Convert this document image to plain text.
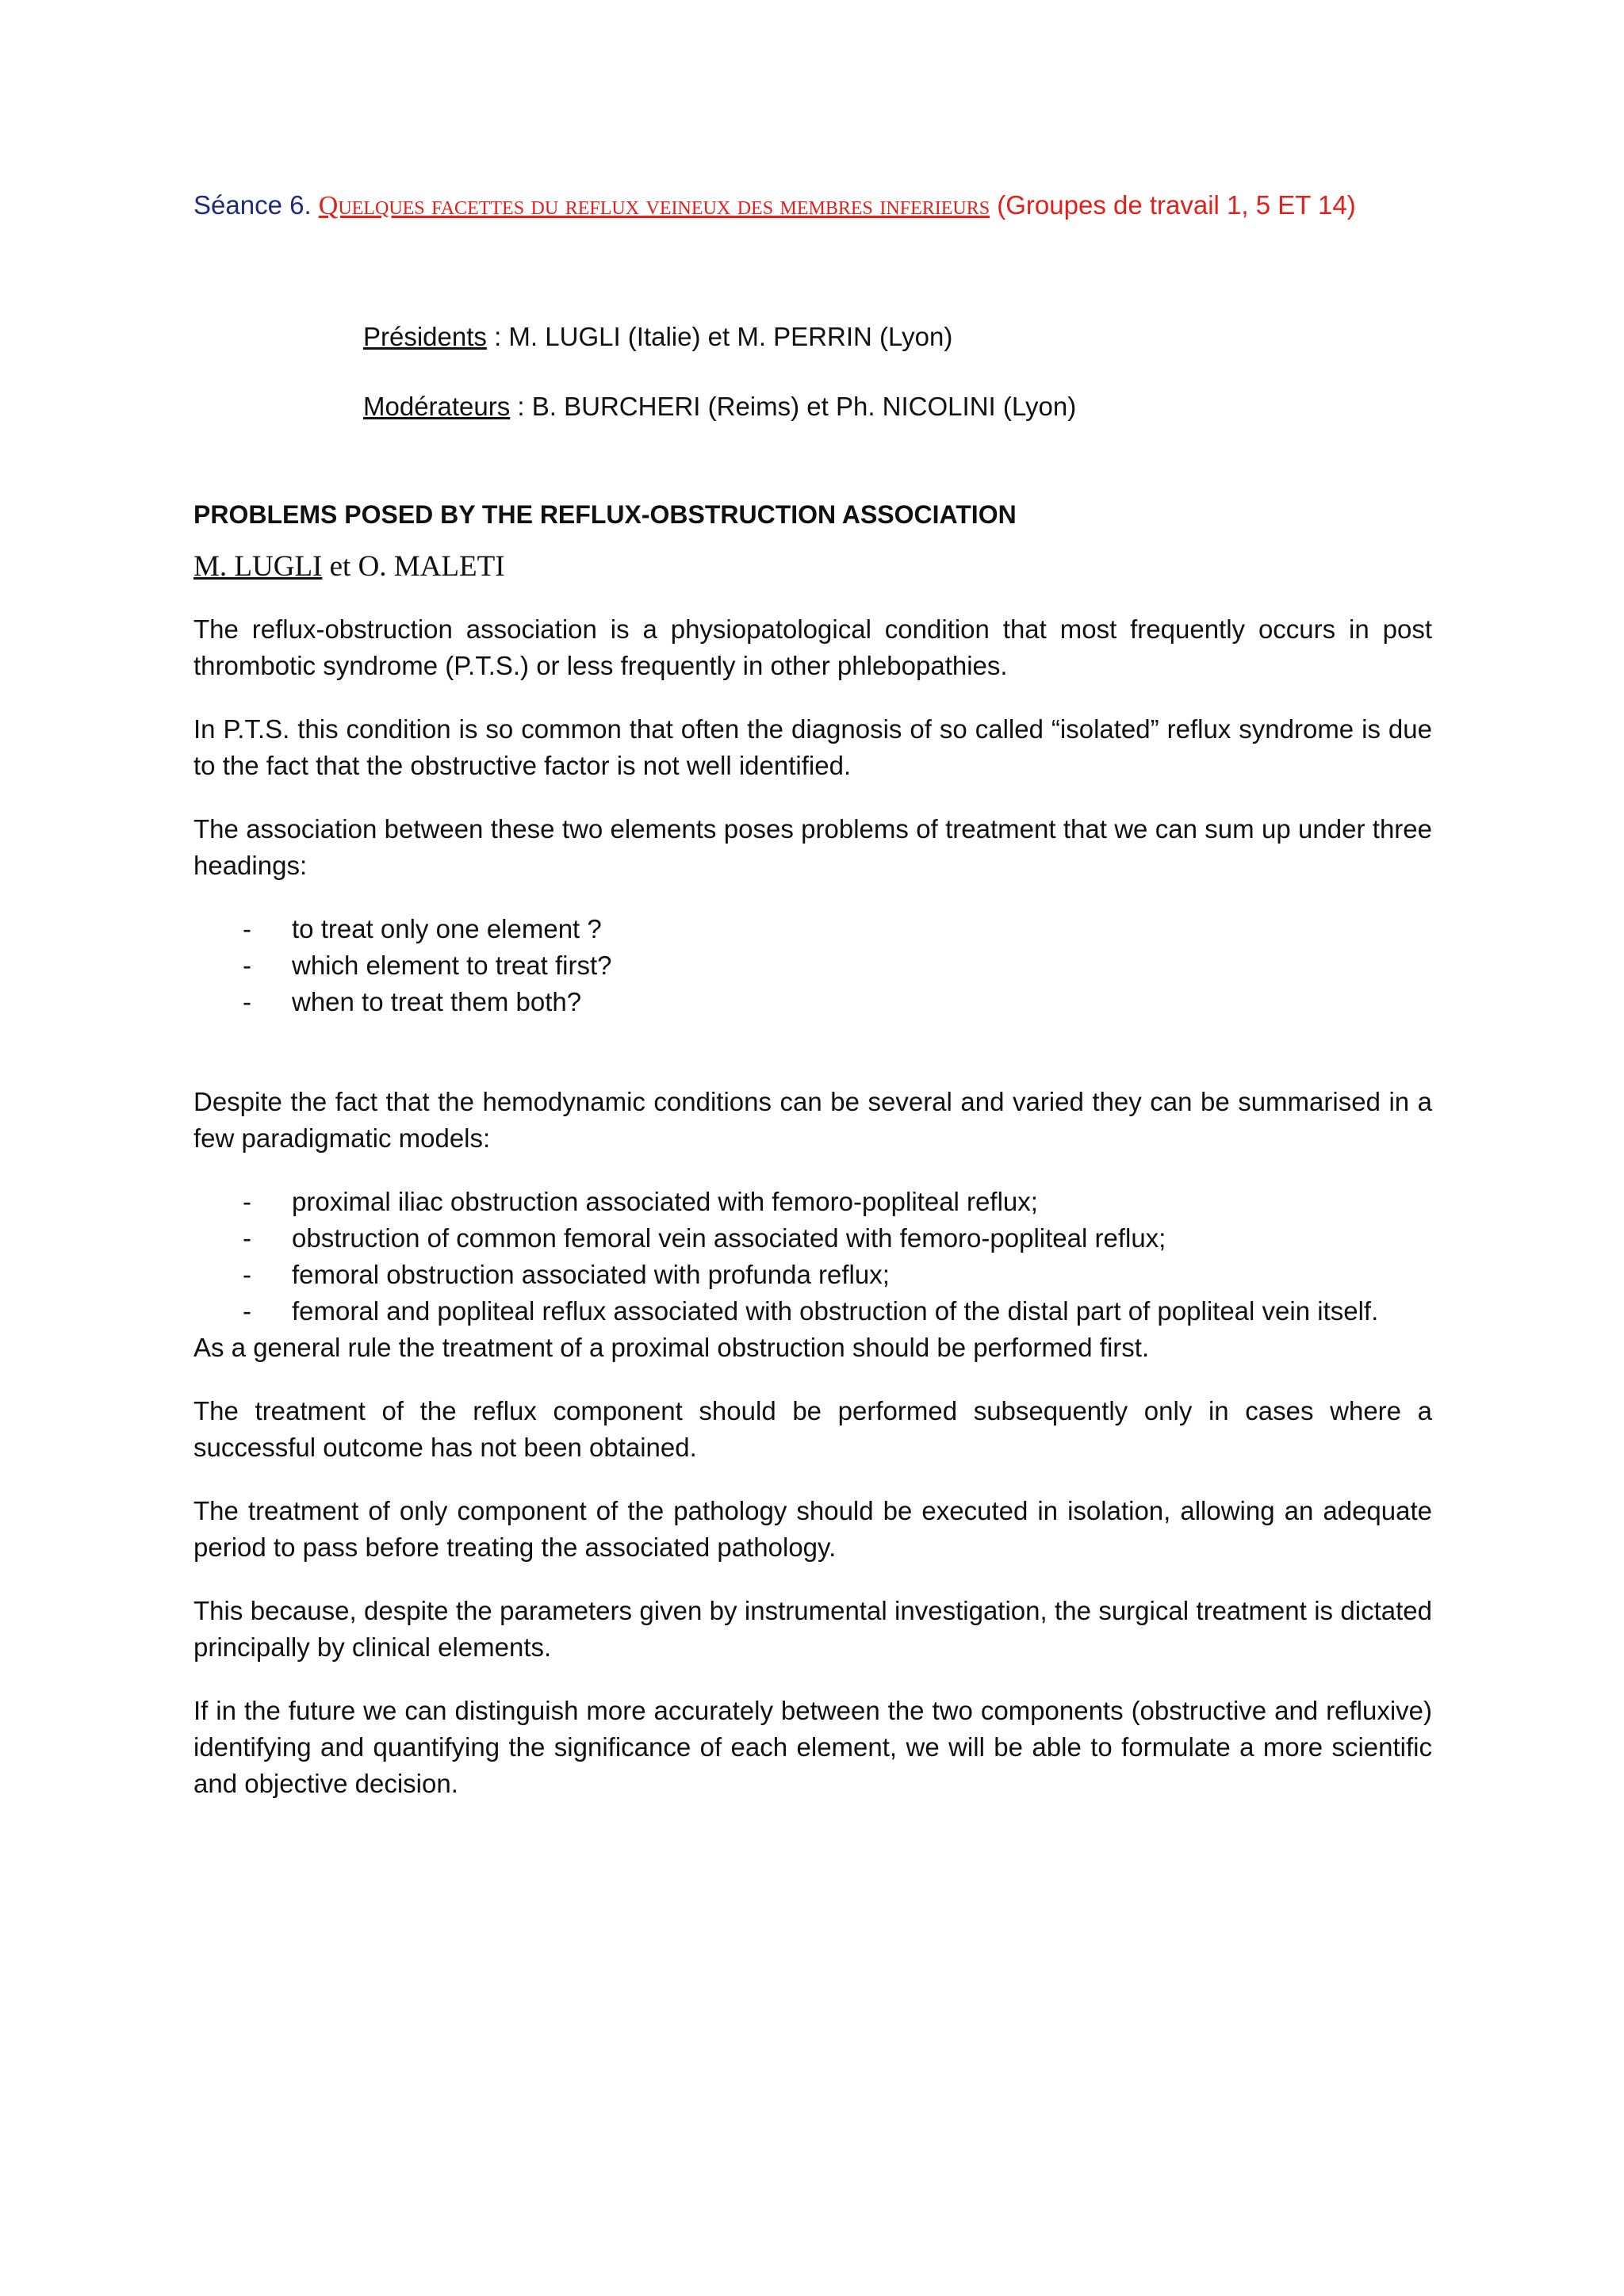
Séance 6. Quelques facettes du reflux veineux des membres inferieurs (Groupes de travail 1, 5 ET 14)

Présidents : M. LUGLI (Italie) et M. PERRIN (Lyon)

Modérateurs : B. BURCHERI (Reims) et Ph. NICOLINI (Lyon)

PROBLEMS POSED BY THE REFLUX-OBSTRUCTION ASSOCIATION
M. LUGLI et O. MALETI

The reflux-obstruction association is a physiopatological condition that most frequently occurs in post thrombotic syndrome (P.T.S.) or less frequently in other phlebopathies.

In P.T.S. this condition is so common that often the diagnosis of so called “isolated” reflux syndrome is due to the fact that the obstructive factor is not well identified.

The association between these two elements poses problems of treatment that we can sum up under three headings:

- to treat only one element ?
- which element to treat first?
- when to treat them both?

Despite the fact that the hemodynamic conditions can be several and varied they can be summarised in a few paradigmatic models:

- proximal iliac obstruction associated with femoro-popliteal reflux;
- obstruction of common femoral vein associated with femoro-popliteal reflux;
- femoral obstruction associated with profunda reflux;
- femoral and popliteal reflux associated with obstruction of the distal part of popliteal vein itself.

As a general rule the treatment of a proximal obstruction should be performed first.

The treatment of the reflux component should be performed subsequently only in cases where a successful outcome has not been obtained.

The treatment of only component of the pathology should be executed in isolation, allowing an adequate period to pass before treating the associated pathology.

This because, despite the parameters given by instrumental investigation, the surgical treatment is dictated principally by clinical elements.

If in the future we can distinguish more accurately between the two components (obstructive and refluxive) identifying and quantifying the significance of each element, we will be able to formulate a more scientific and objective decision.
